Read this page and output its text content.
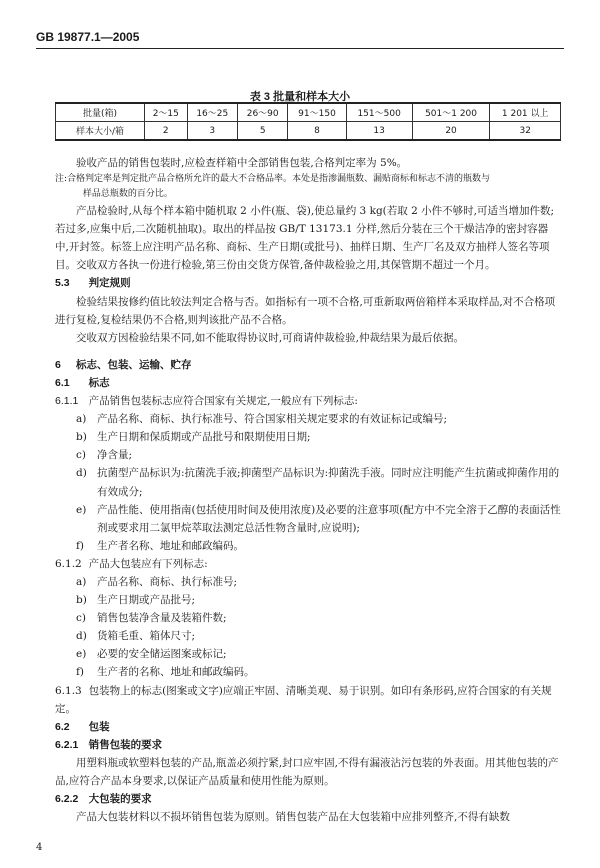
GB 19877.1—2005
表 3 批量和样本大小
批量(箱)	2～15	16～25	26～90	91～150	151～500	501～1 200	1 201 以上
样本大小/箱	2	3	5	8	13	20	32

验收产品的销售包装时,应检查样箱中全部销售包装,合格判定率为 5%。

注:合格判定率是判定批产品合格所允许的最大不合格品率。本处是指渗漏瓶数、漏贴商标和标志不清的瓶数与
样品总瓶数的百分比。

产品检验时,从每个样本箱中随机取 2 小件(瓶、袋),使总量约 3 kg(若取 2 小件不够时,可适当增加件数;若过多,应集中后,二次随机抽取)。取出的样品按 GB/T 13173.1 分样,然后分装在三个干燥洁净的密封容器中,开封签。标签上应注明产品名称、商标、生产日期(或批号)、抽样日期、生产厂名及双方抽样人签名等项目。交收双方各执一份进行检验,第三份由交货方保管,备仲裁检验之用,其保管期不超过一个月。

5.3 判定规则

检验结果按修约值比较法判定合格与否。如指标有一项不合格,可重新取两倍箱样本采取样品,对不合格项进行复检,复检结果仍不合格,则判该批产品不合格。

交收双方因检验结果不同,如不能取得协议时,可商请仲裁检验,仲裁结果为最后依据。

6 标志、包装、运输、贮存

6.1 标志

6.1.1 产品销售包装标志应符合国家有关规定,一般应有下列标志:

a)	产品名称、商标、执行标准号、符合国家相关规定要求的有效证标记或编号;
b) 生产日期和保质期或产品批号和限期使用日期;
c)	净含量;
d) 抗菌型产品标识为:抗菌洗手液;抑菌型产品标识为:抑菌洗手液。同时应注明能产生抗菌或抑菌作用的有效成分;
e)	产品性能、使用指南(包括使用时间及使用浓度)及必要的注意事项(配方中不完全溶于乙醇的表面活性剂或要求用二氯甲烷萃取法测定总活性物含量时,应说明);
f)	生产者名称、地址和邮政编码。

6.1.2 产品大包装应有下列标志:

a)	产品名称、商标、执行标准号;
b) 生产日期或产品批号;
c)	销售包装净含量及装箱件数;
d) 货箱毛重、箱体尺寸;
e)	必要的安全储运图案或标记;
f)	生产者的名称、地址和邮政编码。

6.1.3 包装物上的标志(图案或文字)应端正牢固、清晰美观、易于识别。如印有条形码,应符合国家的有关规定。

6.2 包装

6.2.1 销售包装的要求

用塑料瓶或软塑料包装的产品,瓶盖必须拧紧,封口应牢固,不得有漏液沾污包装的外表面。用其他包装的产品,应符合产品本身要求,以保证产品质量和使用性能为原则。

6.2.2 大包装的要求

产品大包装材料以不损坏销售包装为原则。销售包装产品在大包装箱中应排列整齐,不得有缺数

4
